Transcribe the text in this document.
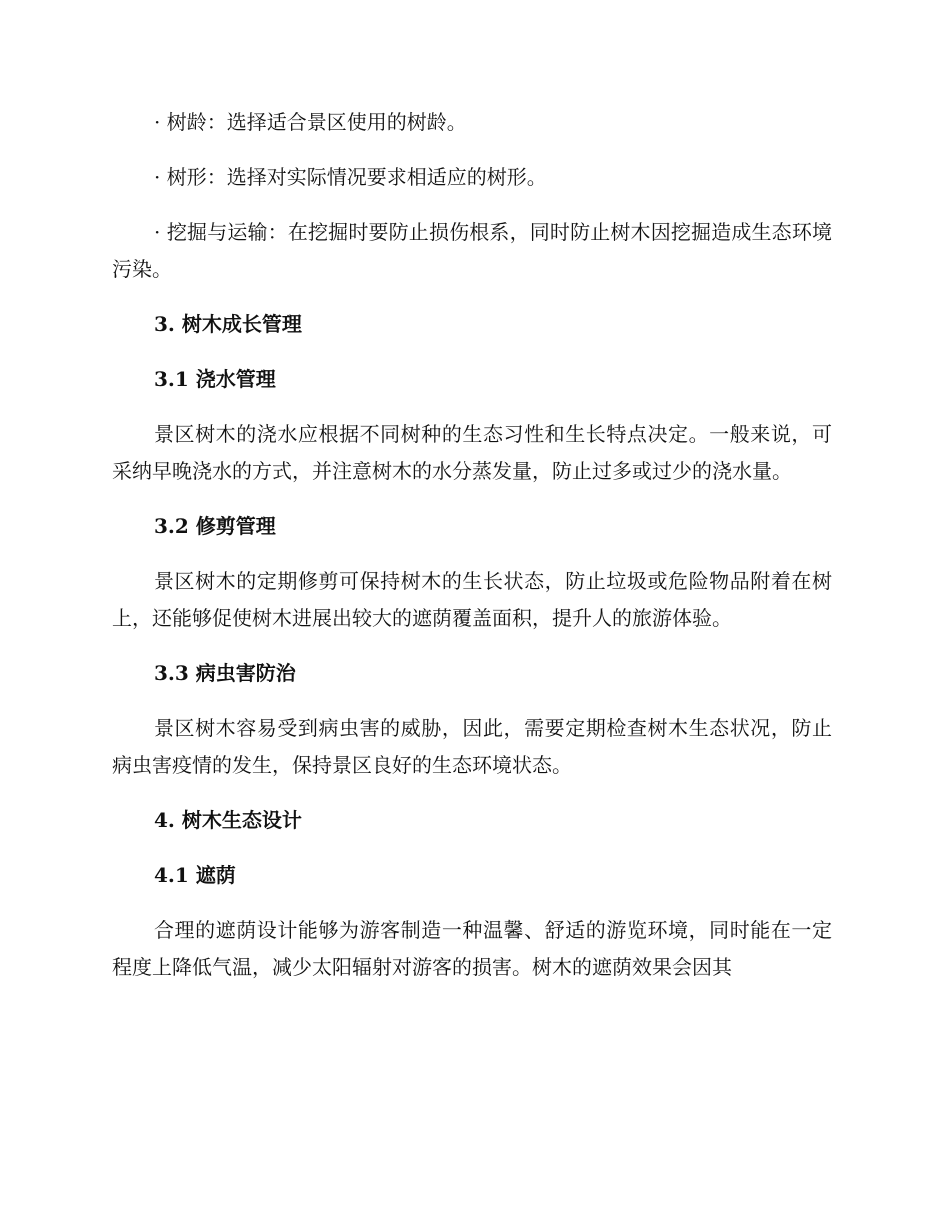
· 树龄：选择适合景区使用的树龄。

· 树形：选择对实际情况要求相适应的树形。

· 挖掘与运输：在挖掘时要防止损伤根系，同时防止树木因挖掘造成生态环境污染。

3. 树木成长管理

3.1 浇水管理

景区树木的浇水应根据不同树种的生态习性和生长特点决定。一般来说，可采纳早晚浇水的方式，并注意树木的水分蒸发量，防止过多或过少的浇水量。

3.2 修剪管理

景区树木的定期修剪可保持树木的生长状态，防止垃圾或危险物品附着在树上，还能够促使树木进展出较大的遮荫覆盖面积，提升人的旅游体验。

3.3 病虫害防治

景区树木容易受到病虫害的威胁，因此，需要定期检查树木生态状况，防止病虫害疫情的发生，保持景区良好的生态环境状态。

4. 树木生态设计

4.1 遮荫

合理的遮荫设计能够为游客制造一种温馨、舒适的游览环境，同时能在一定程度上降低气温，减少太阳辐射对游客的损害。树木的遮荫效果会因其
